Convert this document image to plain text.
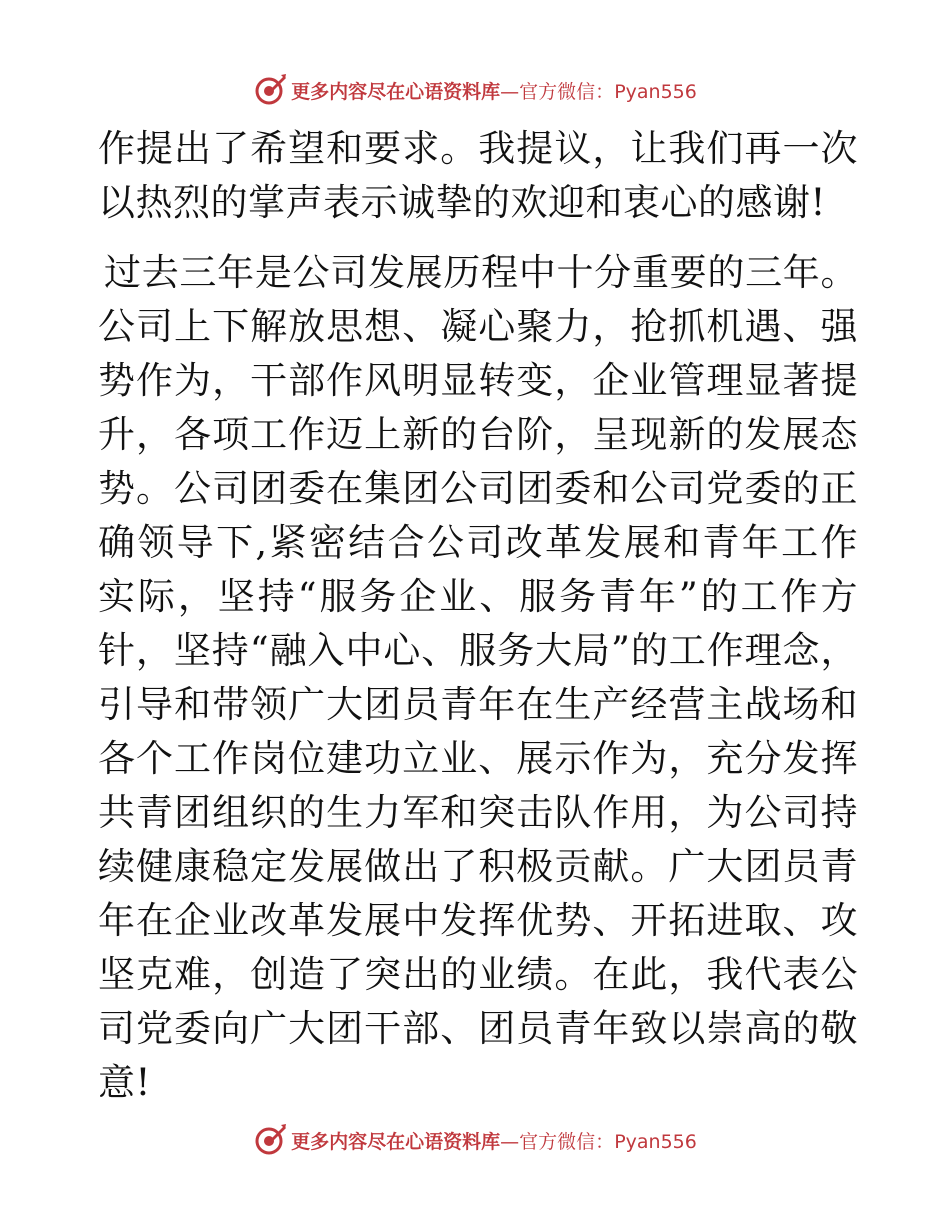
更多内容尽在心语资料库—官方微信：Pyan556

作提出了希望和要求。我提议，让我们再一次以热烈的掌声表示诚挚的欢迎和衷心的感谢!

过去三年是公司发展历程中十分重要的三年。公司上下解放思想、凝心聚力，抢抓机遇、强势作为，干部作风明显转变，企业管理显著提升，各项工作迈上新的台阶，呈现新的发展态势。公司团委在集团公司团委和公司党委的正确领导下,紧密结合公司改革发展和青年工作实际，坚持“服务企业、服务青年”的工作方针，坚持“融入中心、服务大局”的工作理念，引导和带领广大团员青年在生产经营主战场和各个工作岗位建功立业、展示作为，充分发挥共青团组织的生力军和突击队作用，为公司持续健康稳定发展做出了积极贡献。广大团员青年在企业改革发展中发挥优势、开拓进取、攻坚克难，创造了突出的业绩。在此，我代表公司党委向广大团干部、团员青年致以崇高的敬意!

更多内容尽在心语资料库—官方微信：Pyan556
